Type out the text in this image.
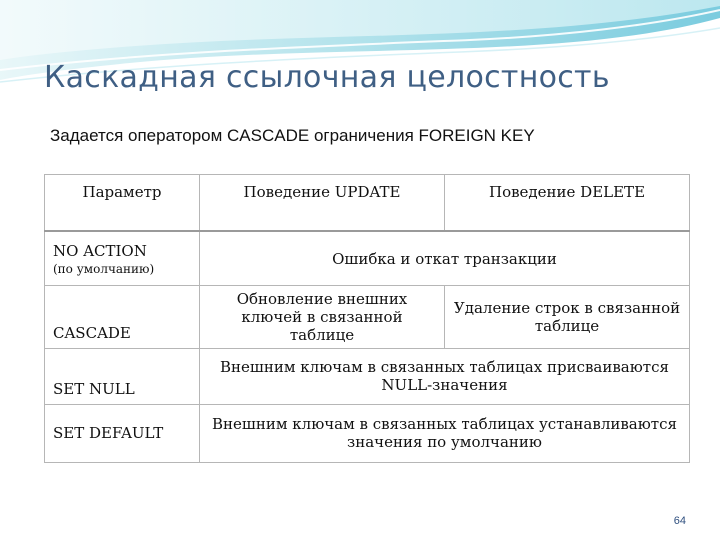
Каскадная ссылочная целостность
Задается оператором CASCADE ограничения FOREIGN KEY
Параметр	Поведение UPDATE	Поведение DELETE
NO ACTION
(по умолчанию)	Ошибка и откат транзакции	
CASCADE	Обновление внешних ключей в связанной таблице	Удаление строк в связанной таблице
SET NULL	Внешним ключам в связанных таблицах присваиваются NULL-значения	
SET DEFAULT	Внешним ключам в связанных таблицах устанавливаются значения по умолчанию	
64
